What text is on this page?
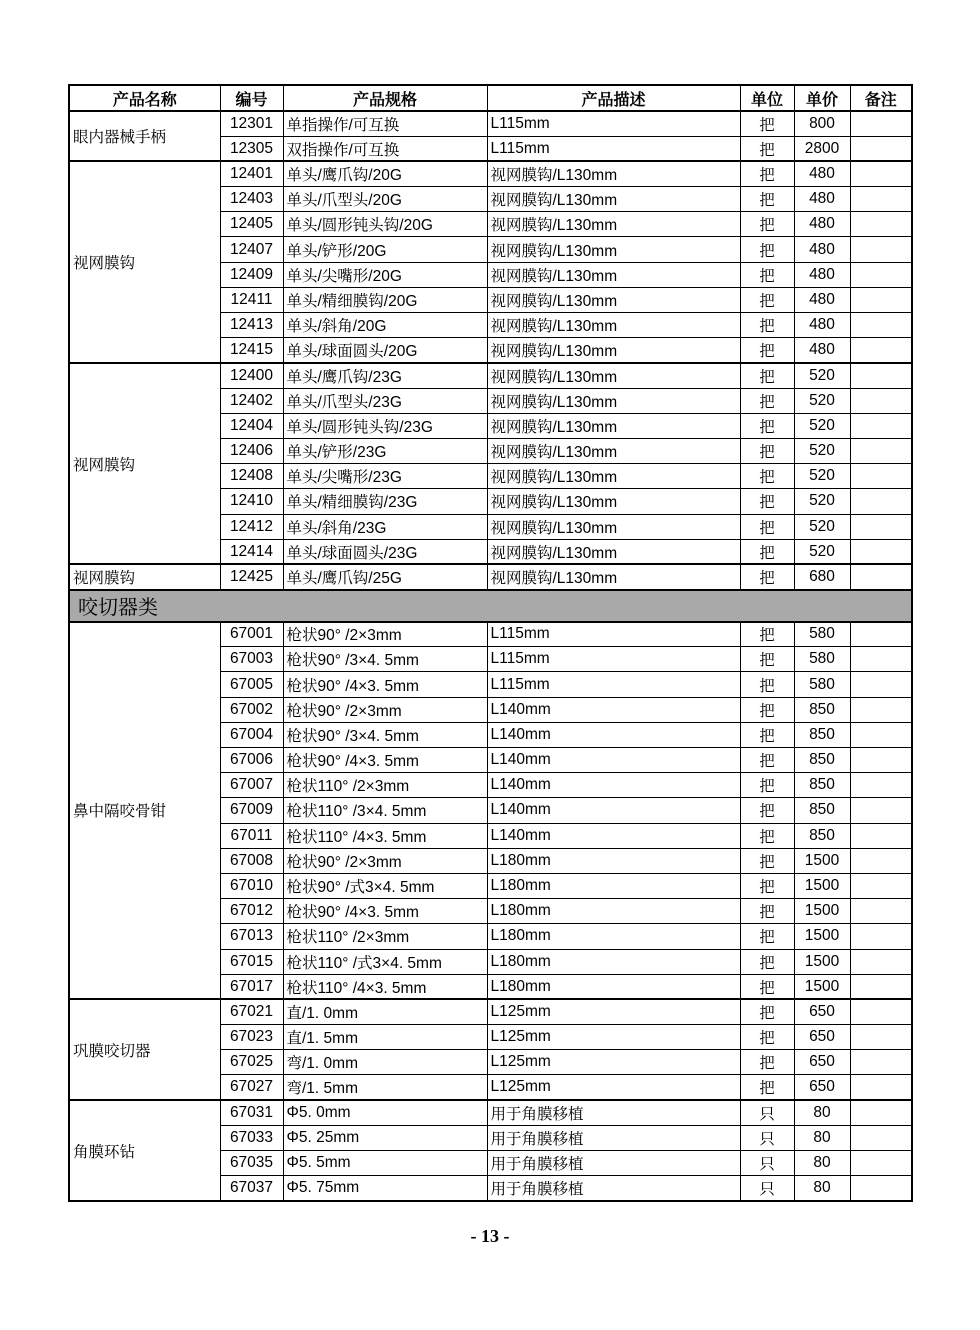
产品名称	编号	产品规格	产品描述	单位	单价	备注
眼内器械手柄	12301	单指操作/可互换	L115mm	把	800	
	12305	双指操作/可互换	L115mm	把	2800	
视网膜钩	12401	单头/鹰爪钩/20G	视网膜钩/L130mm	把	480	
	12403	单头/爪型头/20G	视网膜钩/L130mm	把	480	
	12405	单头/圆形钝头钩/20G	视网膜钩/L130mm	把	480	
	12407	单头/铲形/20G	视网膜钩/L130mm	把	480	
	12409	单头/尖嘴形/20G	视网膜钩/L130mm	把	480	
	12411	单头/精细膜钩/20G	视网膜钩/L130mm	把	480	
	12413	单头/斜角/20G	视网膜钩/L130mm	把	480	
	12415	单头/球面圆头/20G	视网膜钩/L130mm	把	480	
视网膜钩	12400	单头/鹰爪钩/23G	视网膜钩/L130mm	把	520	
	12402	单头/爪型头/23G	视网膜钩/L130mm	把	520	
	12404	单头/圆形钝头钩/23G	视网膜钩/L130mm	把	520	
	12406	单头/铲形/23G	视网膜钩/L130mm	把	520	
	12408	单头/尖嘴形/23G	视网膜钩/L130mm	把	520	
	12410	单头/精细膜钩/23G	视网膜钩/L130mm	把	520	
	12412	单头/斜角/23G	视网膜钩/L130mm	把	520	
	12414	单头/球面圆头/23G	视网膜钩/L130mm	把	520	
视网膜钩	12425	单头/鹰爪钩/25G	视网膜钩/L130mm	把	680	
咬切器类						
鼻中隔咬骨钳	67001	枪状90° /2×3mm	L115mm	把	580	
	67003	枪状90° /3×4. 5mm	L115mm	把	580	
	67005	枪状90° /4×3. 5mm	L115mm	把	580	
	67002	枪状90° /2×3mm	L140mm	把	850	
	67004	枪状90° /3×4. 5mm	L140mm	把	850	
	67006	枪状90° /4×3. 5mm	L140mm	把	850	
	67007	枪状110° /2×3mm	L140mm	把	850	
	67009	枪状110° /3×4. 5mm	L140mm	把	850	
	67011	枪状110° /4×3. 5mm	L140mm	把	850	
	67008	枪状90° /2×3mm	L180mm	把	1500	
	67010	枪状90° /式3×4. 5mm	L180mm	把	1500	
	67012	枪状90° /4×3. 5mm	L180mm	把	1500	
	67013	枪状110° /2×3mm	L180mm	把	1500	
	67015	枪状110° /式3×4. 5mm	L180mm	把	1500	
	67017	枪状110° /4×3. 5mm	L180mm	把	1500	
巩膜咬切器	67021	直/1. 0mm	L125mm	把	650	
	67023	直/1. 5mm	L125mm	把	650	
	67025	弯/1. 0mm	L125mm	把	650	
	67027	弯/1. 5mm	L125mm	把	650	
角膜环钻	67031	Φ5. 0mm	用于角膜移植	只	80	
	67033	Φ5. 25mm	用于角膜移植	只	80	
	67035	Φ5. 5mm	用于角膜移植	只	80	
	67037	Φ5. 75mm	用于角膜移植	只	80	
- 13 -
